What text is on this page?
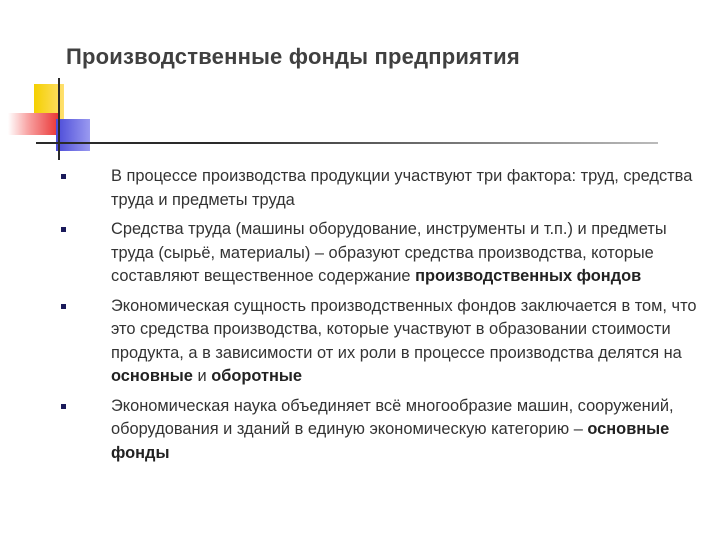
Производственные фонды предприятия
В процессе производства продукции участвуют три фактора: труд, средства труда и предметы труда
Средства труда (машины оборудование, инструменты и т.п.) и предметы труда (сырьё, материалы) – образуют средства производства, которые составляют вещественное содержание производственных фондов
Экономическая сущность производственных фондов заключается в том, что это средства производства, которые участвуют в образовании стоимости продукта, а в зависимости от их роли в процессе производства делятся на основные и оборотные
Экономическая наука объединяет всё многообразие машин, сооружений, оборудования и зданий в единую экономическую категорию – основные фонды
